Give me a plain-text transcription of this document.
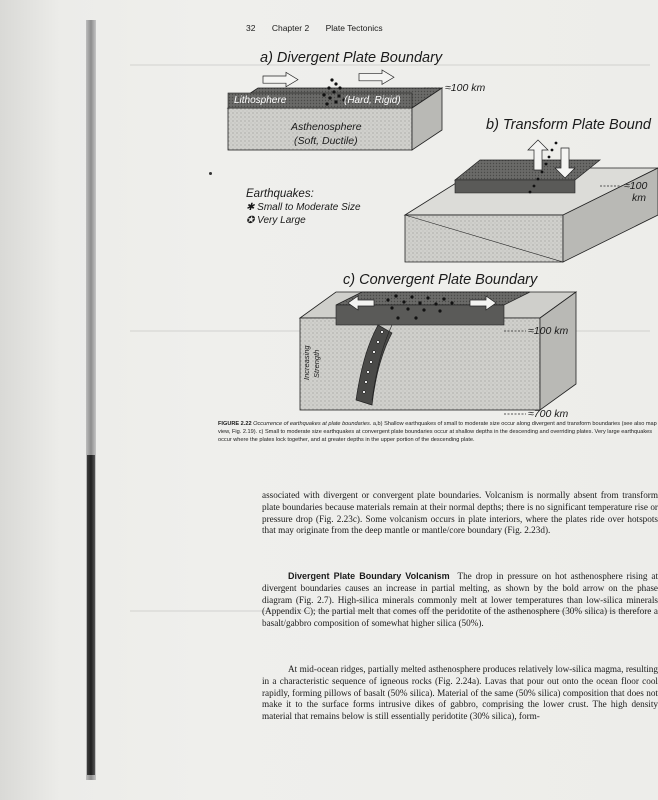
32 Chapter 2 Plate Tectonics
a) Divergent Plate Boundary
Lithosphere	(Hard, Rigid)
Asthenosphere
(Soft, Ductile)
≈100 km
b) Transform Plate Bound
≈100
km
Earthquakes:
✱ Small to Moderate Size
✪ Very Large
c) Convergent Plate Boundary
≈100 km
≈700 km
Increasing Strength
FIGURE 2.22 Occurrence of earthquakes at plate boundaries. a,b) Shallow earthquakes of small to moderate size occur along divergent and transform boundaries (see also map view, Fig. 2.19). c) Small to moderate size earthquakes at convergent plate boundaries occur at shallow depths in the descending and overriding plates. Very large earthquakes occur where the plates lock together, and at greater depths in the upper portion of the descending plate.

associated with divergent or convergent plate boundaries. Volcanism is normally absent from transform plate boundaries because materials remain at their normal depths; there is no significant temperature rise or pressure drop (Fig. 2.23c). Some volcanism occurs in plate interiors, where the plates ride over hotspots that may originate from the deep mantle or mantle/core boundary (Fig. 2.23d).

Divergent Plate Boundary Volcanism The drop in pressure on hot asthenosphere rising at divergent boundaries causes an increase in partial melting, as shown by the bold arrow on the phase diagram (Fig. 2.7). High-silica minerals commonly melt at lower temperatures than low-silica minerals (Appendix C); the partial melt that comes off the peridotite of the asthenosphere (30% silica) is therefore a basalt/gabbro composition of somewhat higher silica (50%).

At mid-ocean ridges, partially melted asthenosphere produces relatively low-silica magma, resulting in a characteristic sequence of igneous rocks (Fig. 2.24a). Lavas that pour out onto the ocean floor cool rapidly, forming pillows of basalt (50% silica). Material of the same (50% silica) composition that does not make it to the surface forms intrusive dikes of gabbro, comprising the lower crust. The high density material that remains below is still essentially peridotite (30% silica), form-
